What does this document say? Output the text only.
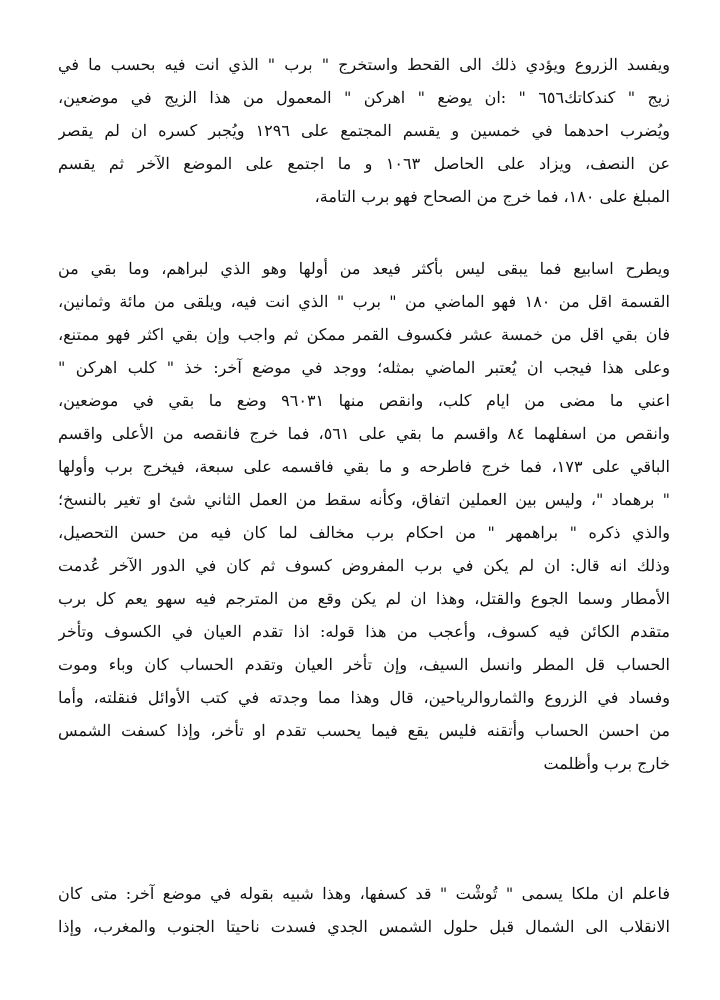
ويفسد الزروع ويؤدي ذلك الى القحط واستخرج " برب " الذي انت فيه بحسب ما في
زيج " كندكاتك٦٥٦ " :ان يوضع " اهركن " المعمول من هذا الزيج في موضعين،
ويُضرب احدهما في خمسين و يقسم المجتمع على ١٢٩٦ ويُجبر كسره ان لم يقصر
عن النصف، ويزاد على الحاصل ١٠٦٣ و ما اجتمع على الموضع الآخر ثم يقسم
المبلغ على ١٨٠، فما خرج من الصحاح فهو برب التامة،
ويطرح اسابيع فما يبقى ليس بأكثر فيعد من أولها وهو الذي لبراهم، وما بقي من
القسمة اقل من ١٨٠ فهو الماضي من " برب " الذي انت فيه، ويلقى من مائة وثمانين،
فان بقي اقل من خمسة عشر فكسوف القمر ممكن ثم واجب وإن بقي اكثر فهو ممتنع،
وعلى هذا فيجب ان يُعتبر الماضي بمثله؛ ووجد في موضع آخر: خذ " كلب اهركن "
اعني ما مضى من ايام كلب، وانقص منها ٩٦٠٣١ وضع ما بقي في موضعين،
وانقص من اسفلهما ٨٤ واقسم ما بقي على ٥٦١، فما خرج فانقصه من الأعلى واقسم
الباقي على ١٧٣، فما خرج فاطرحه و ما بقي فاقسمه على سبعة، فيخرج برب وأولها
" برهماد "، وليس بين العملين اتفاق، وكأنه سقط من العمل الثاني شئ او تغير بالنسخ؛
والذي ذكره " براهمهر " من احكام برب مخالف لما كان فيه من حسن التحصيل،
وذلك انه قال: ان لم يكن في برب المفروض كسوف ثم كان في الدور الآخر عُدمت
الأمطار وسما الجوع والقتل، وهذا ان لم يكن وقع من المترجم فيه سهو يعم كل برب
متقدم الكائن فيه كسوف، وأعجب من هذا قوله: اذا تقدم العيان في الكسوف وتأخر
الحساب قل المطر وانسل السيف، وإن تأخر العيان وتقدم الحساب كان وباء وموت
وفساد في الزروع والثماروالرياحين، قال وهذا مما وجدته في كتب الأوائل فنقلته، وأما
من احسن الحساب وأتقنه فليس يقع فيما يحسب تقدم او تأخر، وإذا كسفت الشمس
خارج برب وأظلمت
فاعلم ان ملكا يسمى " تُوشْت " قد كسفها، وهذا شبيه بقوله في موضع آخر: متى كان
الانقلاب الى الشمال قبل حلول الشمس الجدي فسدت ناحيتا الجنوب والمغرب، وإذا
